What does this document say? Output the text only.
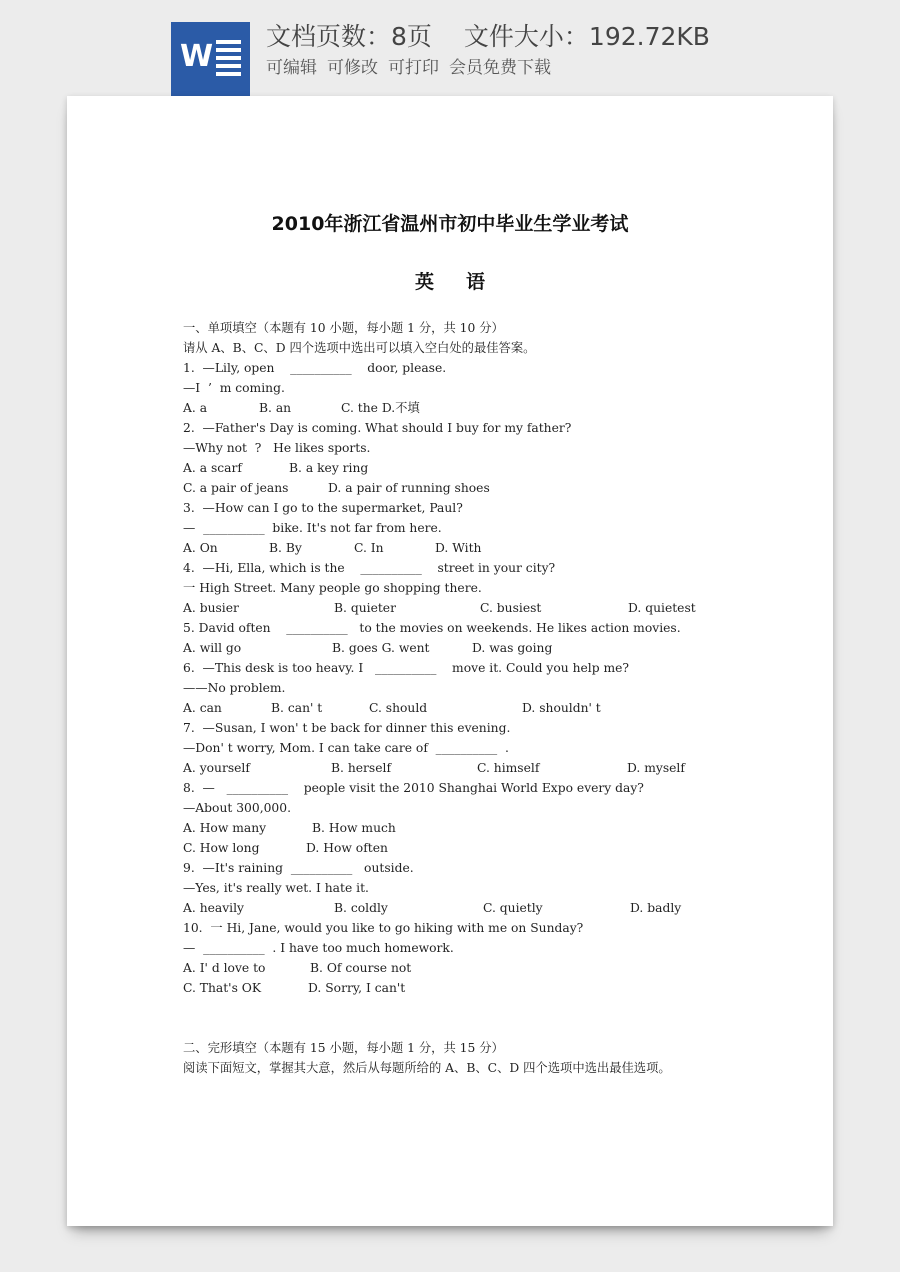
W
文档页数：8页 文件大小：192.72KB
可编辑 可修改 可打印 会员免费下载
2010年浙江省温州市初中毕业生学业考试
英语
一、单项填空（本题有 10 小题，每小题 1 分，共 10 分）
请从 A、B、C、D 四个选项中选出可以填入空白处的最佳答案。
1.  —Lily, open    __________    door, please.
—I  ’  m coming.
A. a	B. an	C. the D.不填
2.  —Father's Day is coming. What should I buy for my father?
—Why not  ?   He likes sports.
A. a scarf	B. a key ring
C. a pair of jeans	D. a pair of running shoes
3.  —How can I go to the supermarket, Paul?
—  __________  bike. It's not far from here.
A. On	B. By	C. In	D. With
4.  —Hi, Ella, which is the    __________    street in your city?
一 High Street. Many people go shopping there.
A. busier	B. quieter	C. busiest	D. quietest
5. David often    __________   to the movies on weekends. He likes action movies.
A. will go	B. goes G. went	D. was going
6.  —This desk is too heavy. I   __________    move it. Could you help me?
——No problem.
A. can	B. can' t	C. should	D. shouldn' t
7.  —Susan, I won' t be back for dinner this evening.
—Don' t worry, Mom. I can take care of  __________  .
A. yourself	B. herself	C. himself	D. myself
8.  —   __________    people visit the 2010 Shanghai World Expo every day?
—About 300,000.
A. How many	B. How much
C. How long	D. How often
9.  —It's raining  __________   outside.
—Yes, it's really wet. I hate it.
A. heavily	B. coldly	C. quietly	D. badly
10.  一 Hi, Jane, would you like to go hiking with me on Sunday?
—  __________  . I have too much homework.
A. I' d love to	B. Of course not
C. That's OK	D. Sorry, I can't
二、完形填空（本题有 15 小题，每小题 1 分，共 15 分）
阅读下面短文，掌握其大意，然后从每题所给的 A、B、C、D 四个选项中选出最佳选项。
